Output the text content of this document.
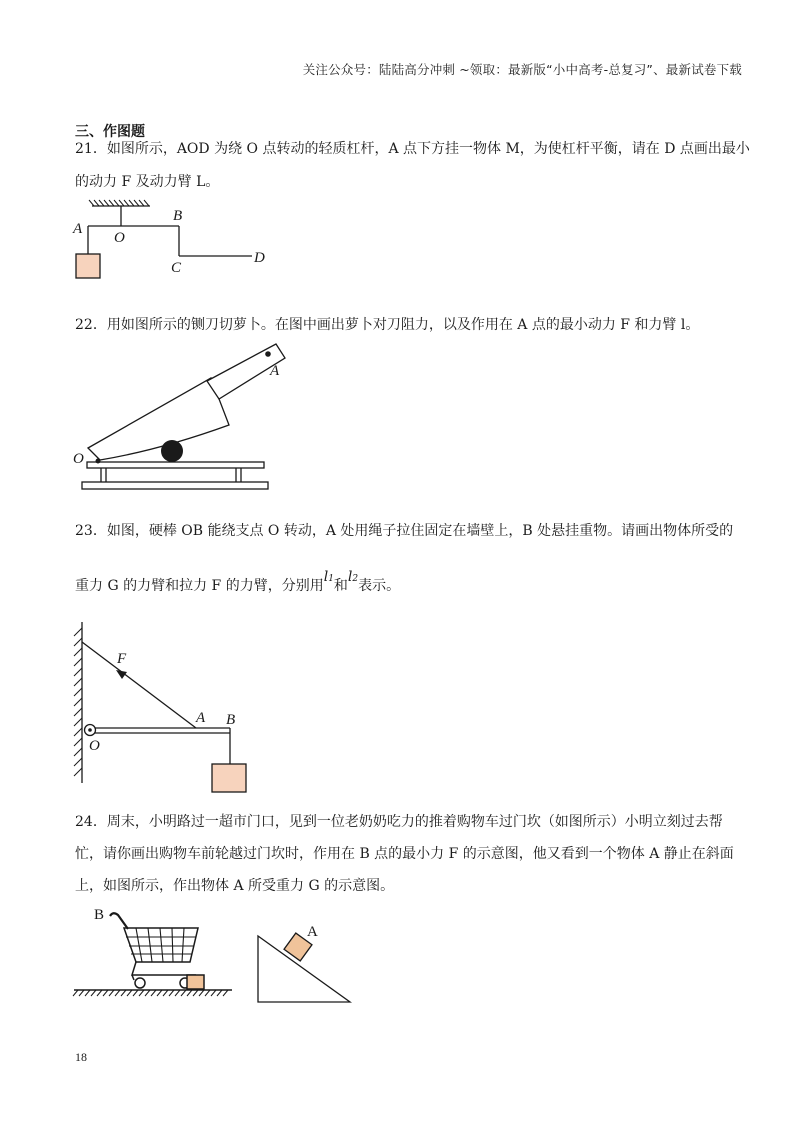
关注公众号：陆陆高分冲刺 ~领取：最新版“小中高考-总复习”、最新试卷下载
三、作图题
21．如图所示，AOD 为绕 O 点转动的轻质杠杆，A 点下方挂一物体 M，为使杠杆平衡，请在 D 点画出最小
的动力 F 及动力臂 L。
22．用如图所示的铡刀切萝卜。在图中画出萝卜对刀阻力，以及作用在 A 点的最小动力 F 和力臂 l。
23．如图，硬棒 OB 能绕支点 O 转动，A 处用绳子拉住固定在墙壁上，B 处悬挂重物。请画出物体所受的
重力 G 的力臂和拉力 F 的力臂，分别用l1和l2表示。
24．周末，小明路过一超市门口，见到一位老奶奶吃力的推着购物车过门坎（如图所示）小明立刻过去帮
忙，请你画出购物车前轮越过门坎时，作用在 B 点的最小力 F 的示意图，他又看到一个物体 A 静止在斜面
上，如图所示，作出物体 A 所受重力 G 的示意图。
18
A
O
B
C
D
A
O
F
A B
O
B
A
